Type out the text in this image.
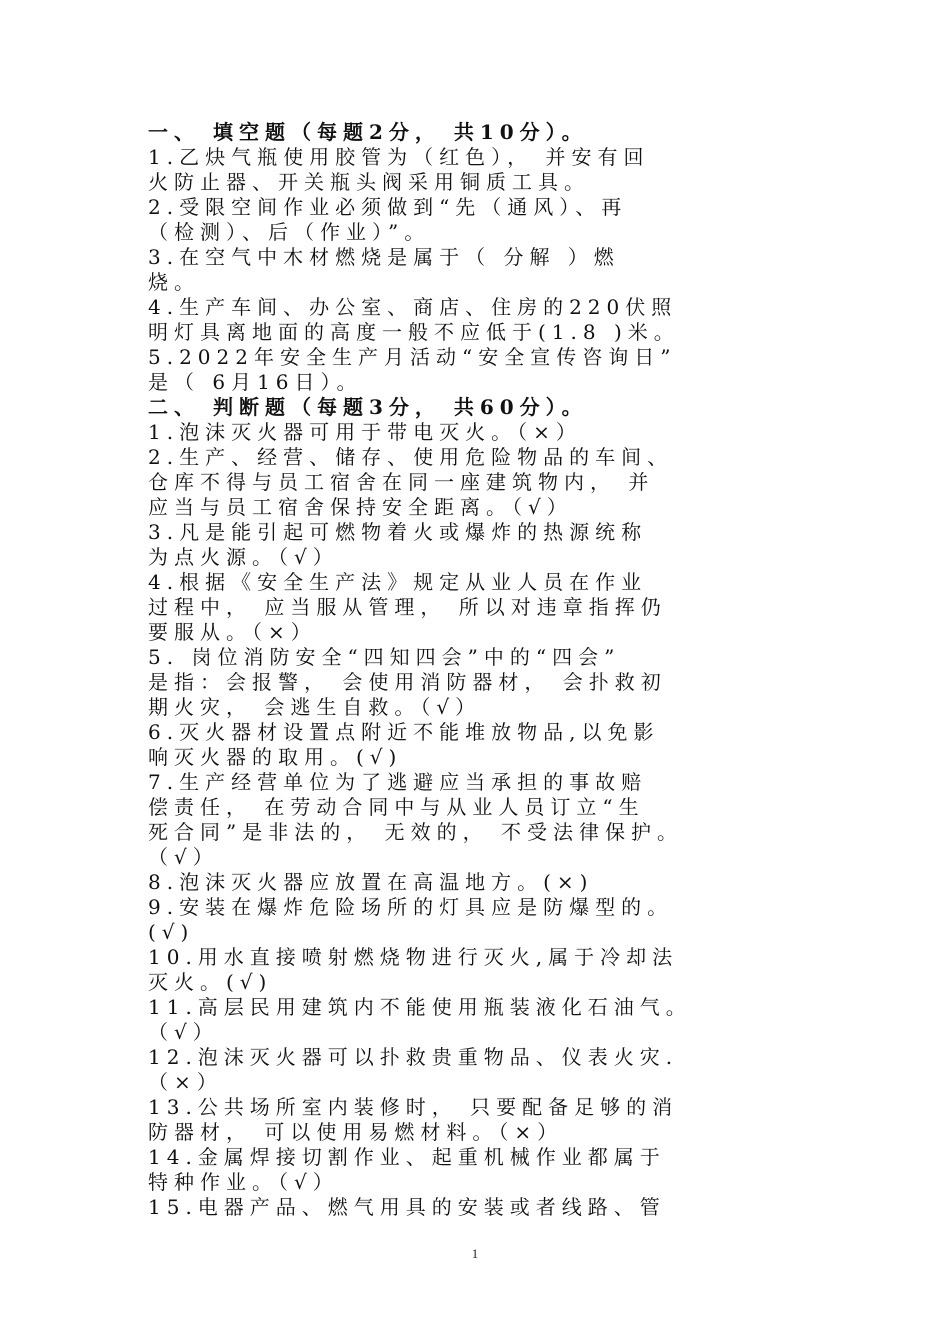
一、 填空题（每题2分， 共10分）。
1.乙炔气瓶使用胶管为（红色）， 并安有回
火防止器、开关瓶头阀采用铜质工具。
2.受限空间作业必须做到“先（通风）、再
（检测）、后（作业）”。
3.在空气中木材燃烧是属于（ 分解 ）燃
烧。
4.生产车间、办公室、商店、住房的220伏照
明灯具离地面的高度一般不应低于(1.8 )米。
5.2022年安全生产月活动“安全宣传咨询日”
是（ 6月16日）。
二、 判断题（每题3分， 共60分）。
1.泡沫灭火器可用于带电灭火。（×）
2.生产、经营、储存、使用危险物品的车间、
仓库不得与员工宿舍在同一座建筑物内， 并
应当与员工宿舍保持安全距离。（√）
3.凡是能引起可燃物着火或爆炸的热源统称
为点火源。（√）
4.根据《安全生产法》规定从业人员在作业
过程中， 应当服从管理， 所以对违章指挥仍
要服从。（×）
5. 岗位消防安全“四知四会”中的“四会”
是指：会报警， 会使用消防器材， 会扑救初
期火灾， 会逃生自救。（√）
6.灭火器材设置点附近不能堆放物品,以免影
响灭火器的取用。(√)
7.生产经营单位为了逃避应当承担的事故赔
偿责任， 在劳动合同中与从业人员订立“生
死合同”是非法的， 无效的， 不受法律保护。
（√）
8.泡沫灭火器应放置在高温地方。(×)
9.安装在爆炸危险场所的灯具应是防爆型的。
(√)
10.用水直接喷射燃烧物进行灭火,属于冷却法
灭火。(√)
11.高层民用建筑内不能使用瓶装液化石油气。
（√）
12.泡沫灭火器可以扑救贵重物品、仪表火灾.
（×）
13.公共场所室内装修时， 只要配备足够的消
防器材， 可以使用易燃材料。（×）
14.金属焊接切割作业、起重机械作业都属于
特种作业。（√）
15.电器产品、燃气用具的安装或者线路、管
1
